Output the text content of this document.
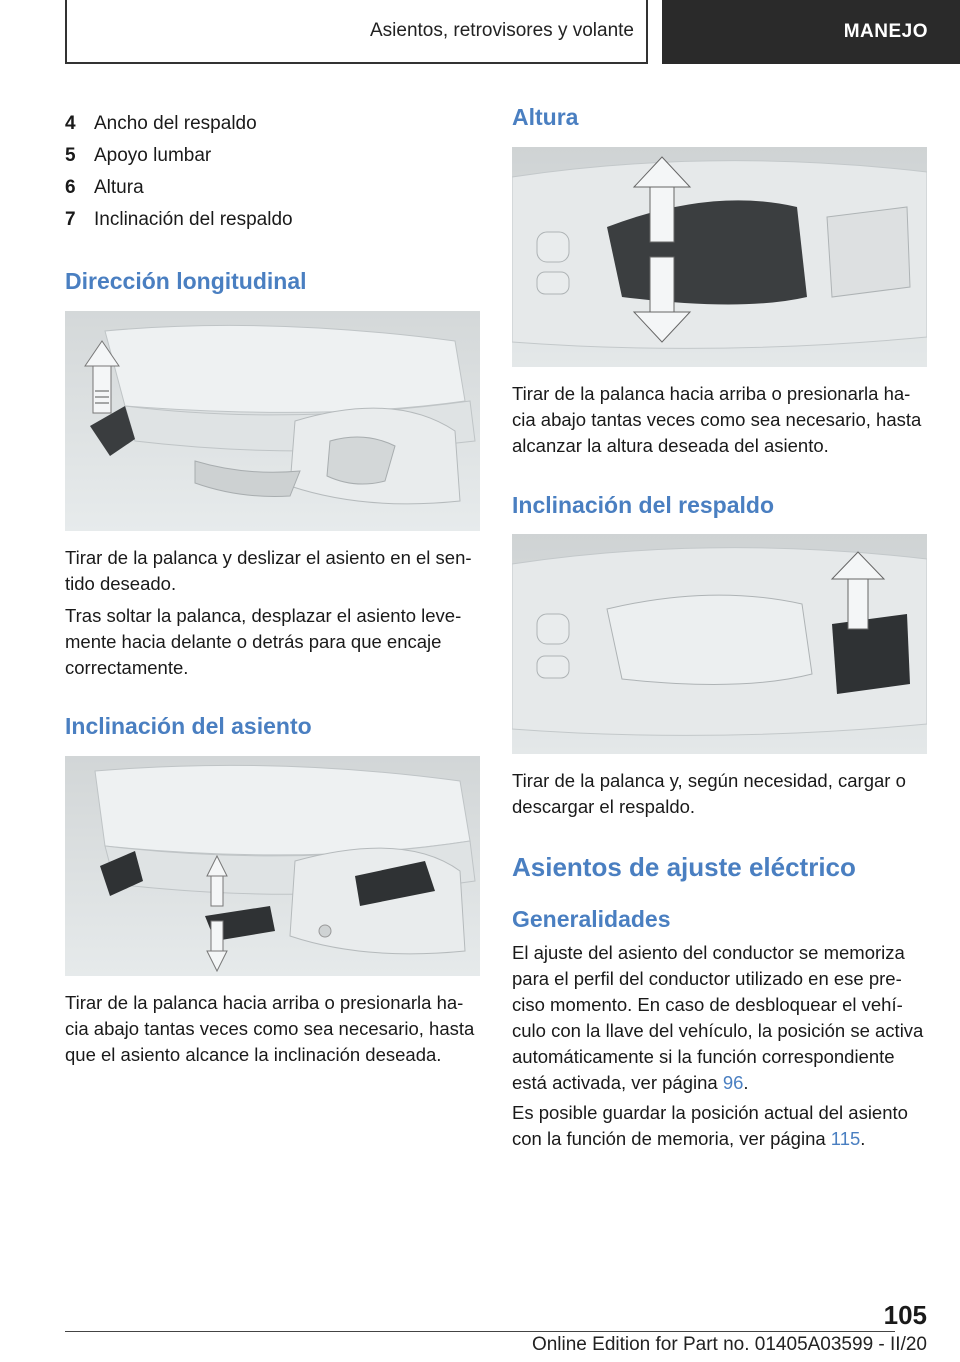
Asientos, retrovisores y volante	MANEJO
4 Ancho del respaldo
5 Apoyo lumbar
6 Altura
7 Inclinación del respaldo
Dirección longitudinal

Tirar de la palanca y deslizar el asiento en el sen‐ tido deseado.

Tras soltar la palanca, desplazar el asiento leve‐ mente hacia delante o detrás para que encaje correctamente.

Inclinación del asiento

Tirar de la palanca hacia arriba o presionarla ha‐ cia abajo tantas veces como sea necesario, hasta que el asiento alcance la inclinación deseada.

Altura

Tirar de la palanca hacia arriba o presionarla ha‐ cia abajo tantas veces como sea necesario, hasta alcanzar la altura deseada del asiento.

Inclinación del respaldo

Tirar de la palanca y, según necesidad, cargar o descargar el respaldo.

Asientos de ajuste eléctrico
Generalidades

El ajuste del asiento del conductor se memoriza para el perfil del conductor utilizado en ese pre‐ ciso momento. En caso de desbloquear el vehí‐ culo con la llave del vehículo, la posición se activa automáticamente si la función correspondiente está activada, ver página 96.

Es posible guardar la posición actual del asiento con la función de memoria, ver página 115.

105
Online Edition for Part no. 01405A03599 - II/20
